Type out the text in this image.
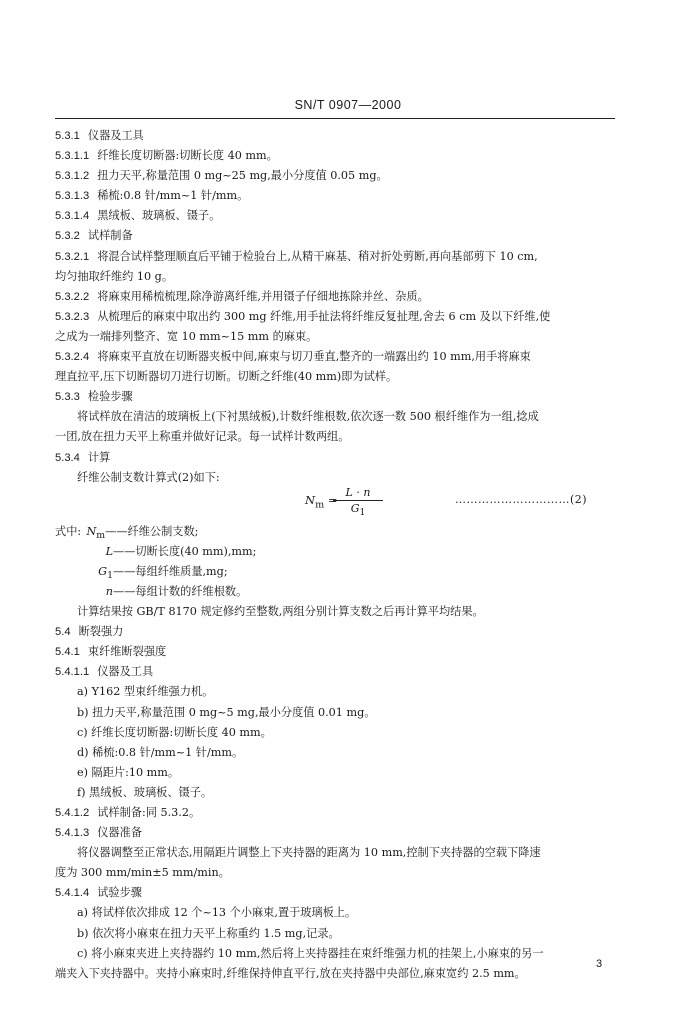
SN/T 0907—2000
5.3.1 仪器及工具
5.3.1.1 纤维长度切断器:切断长度 40 mm。
5.3.1.2 扭力天平,称量范围 0 mg~25 mg,最小分度值 0.05 mg。
5.3.1.3 稀梳:0.8 针/mm~1 针/mm。
5.3.1.4 黑绒板、玻璃板、镊子。
5.3.2 试样制备
5.3.2.1 将混合试样整理顺直后平铺于检验台上,从精干麻基、稍对折处剪断,再向基部剪下 10 cm,
均匀抽取纤维约 10 g。
5.3.2.2 将麻束用稀梳梳理,除净游离纤维,并用镊子仔细地拣除并丝、杂质。
5.3.2.3 从梳理后的麻束中取出约 300 mg 纤维,用手扯法将纤维反复扯理,舍去 6 cm 及以下纤维,使
之成为一端排列整齐、宽 10 mm~15 mm 的麻束。
5.3.2.4 将麻束平直放在切断器夹板中间,麻束与切刀垂直,整齐的一端露出约 10 mm,用手将麻束
理直拉平,压下切断器切刀进行切断。切断之纤维(40 mm)即为试样。
5.3.3 检验步骤
将试样放在清洁的玻璃板上(下衬黑绒板),计数纤维根数,依次逐一数 500 根纤维作为一组,捻成
一团,放在扭力天平上称重并做好记录。每一试样计数两组。
5.3.4 计算
纤维公制支数计算式(2)如下:
$N_m$ =
L · n
$G_1$
…………………………(2)
式中: $N_m——$纤维公制支数;
L——切断长度(40 mm),mm;
$G_1——$每组纤维质量,mg;
n——每组计数的纤维根数。
计算结果按 GB/T 8170 规定修约至整数,两组分别计算支数之后再计算平均结果。
5.4 断裂强力
5.4.1 束纤维断裂强度
5.4.1.1 仪器及工具
a) Y162 型束纤维强力机。
b) 扭力天平,称量范围 0 mg~5 mg,最小分度值 0.01 mg。
c) 纤维长度切断器:切断长度 40 mm。
d) 稀梳:0.8 针/mm~1 针/mm。
e) 隔距片:10 mm。
f) 黑绒板、玻璃板、镊子。
5.4.1.2 试样制备:同 5.3.2。
5.4.1.3 仪器准备
将仪器调整至正常状态,用隔距片调整上下夹持器的距离为 10 mm,控制下夹持器的空载下降速
度为 300 mm/min±5 mm/min。
5.4.1.4 试验步骤
a) 将试样依次排成 12 个~13 个小麻束,置于玻璃板上。
b) 依次将小麻束在扭力天平上称重约 1.5 mg,记录。
c) 将小麻束夹进上夹持器约 10 mm,然后将上夹持器挂在束纤维强力机的挂架上,小麻束的另一
端夹入下夹持器中。夹持小麻束时,纤维保持伸直平行,放在夹持器中央部位,麻束宽约 2.5 mm。
3
